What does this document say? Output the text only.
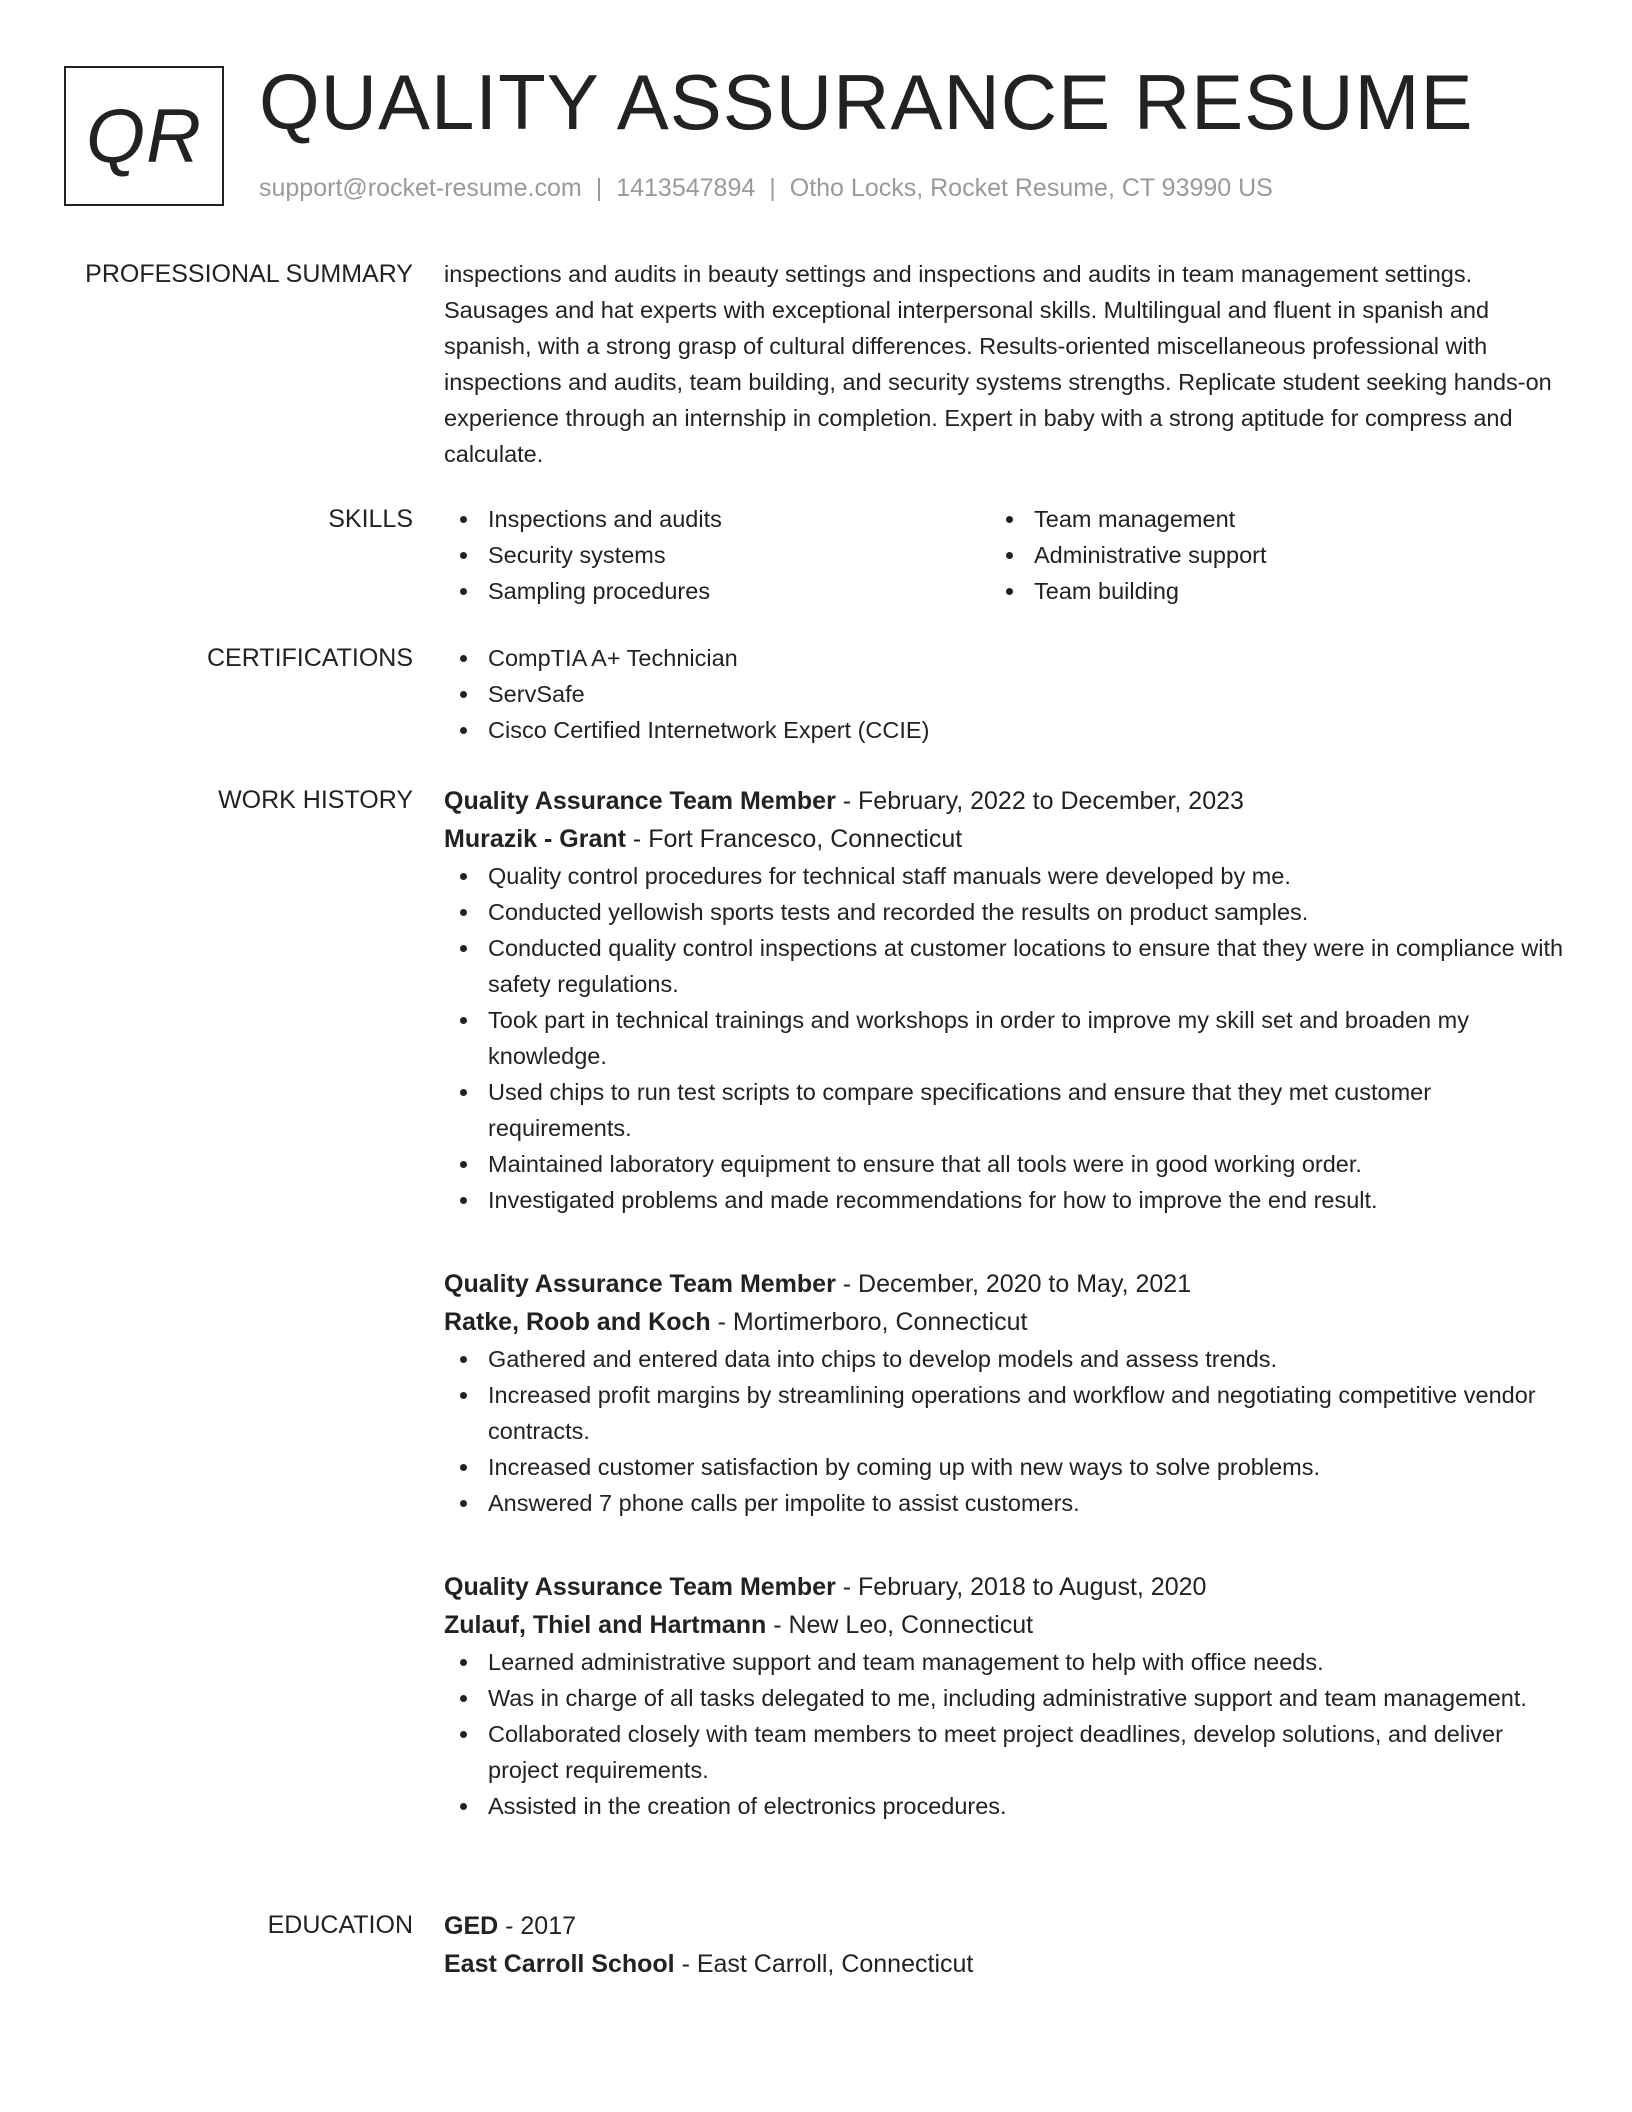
QR QUALITY ASSURANCE RESUME
support@rocket-resume.com | 1413547894 | Otho Locks, Rocket Resume, CT 93990 US
PROFESSIONAL SUMMARY inspections and audits in beauty settings and inspections and audits in team management settings. Sausages and hat experts with exceptional interpersonal skills. Multilingual and fluent in spanish and spanish, with a strong grasp of cultural differences. Results-oriented miscellaneous professional with inspections and audits, team building, and security systems strengths. Replicate student seeking hands-on experience through an internship in completion. Expert in baby with a strong aptitude for compress and calculate.

SKILLS	Inspections and audits	Team management
Security systems	Administrative support
Sampling procedures	Team building
CERTIFICATIONS	CompTIA A+ Technician
ServSafe
Cisco Certified Internetwork Expert (CCIE)
WORK HISTORY Quality Assurance Team Member - February, 2022 to December, 2023
Murazik - Grant - Fort Francesco, Connecticut
Quality control procedures for technical staff manuals were developed by me.
Conducted yellowish sports tests and recorded the results on product samples.
Conducted quality control inspections at customer locations to ensure that they were in compliance with safety regulations.
Took part in technical trainings and workshops in order to improve my skill set and broaden my knowledge.
Used chips to run test scripts to compare specifications and ensure that they met customer requirements.
Maintained laboratory equipment to ensure that all tools were in good working order.
Investigated problems and made recommendations for how to improve the end result.
Quality Assurance Team Member - December, 2020 to May, 2021
Ratke, Roob and Koch - Mortimerboro, Connecticut
Gathered and entered data into chips to develop models and assess trends.
Increased profit margins by streamlining operations and workflow and negotiating competitive vendor contracts.
Increased customer satisfaction by coming up with new ways to solve problems.
Answered 7 phone calls per impolite to assist customers.
Quality Assurance Team Member - February, 2018 to August, 2020
Zulauf, Thiel and Hartmann - New Leo, Connecticut
Learned administrative support and team management to help with office needs.
Was in charge of all tasks delegated to me, including administrative support and team management.
Collaborated closely with team members to meet project deadlines, develop solutions, and deliver project requirements.
Assisted in the creation of electronics procedures.
EDUCATION GED - 2017
East Carroll School - East Carroll, Connecticut
